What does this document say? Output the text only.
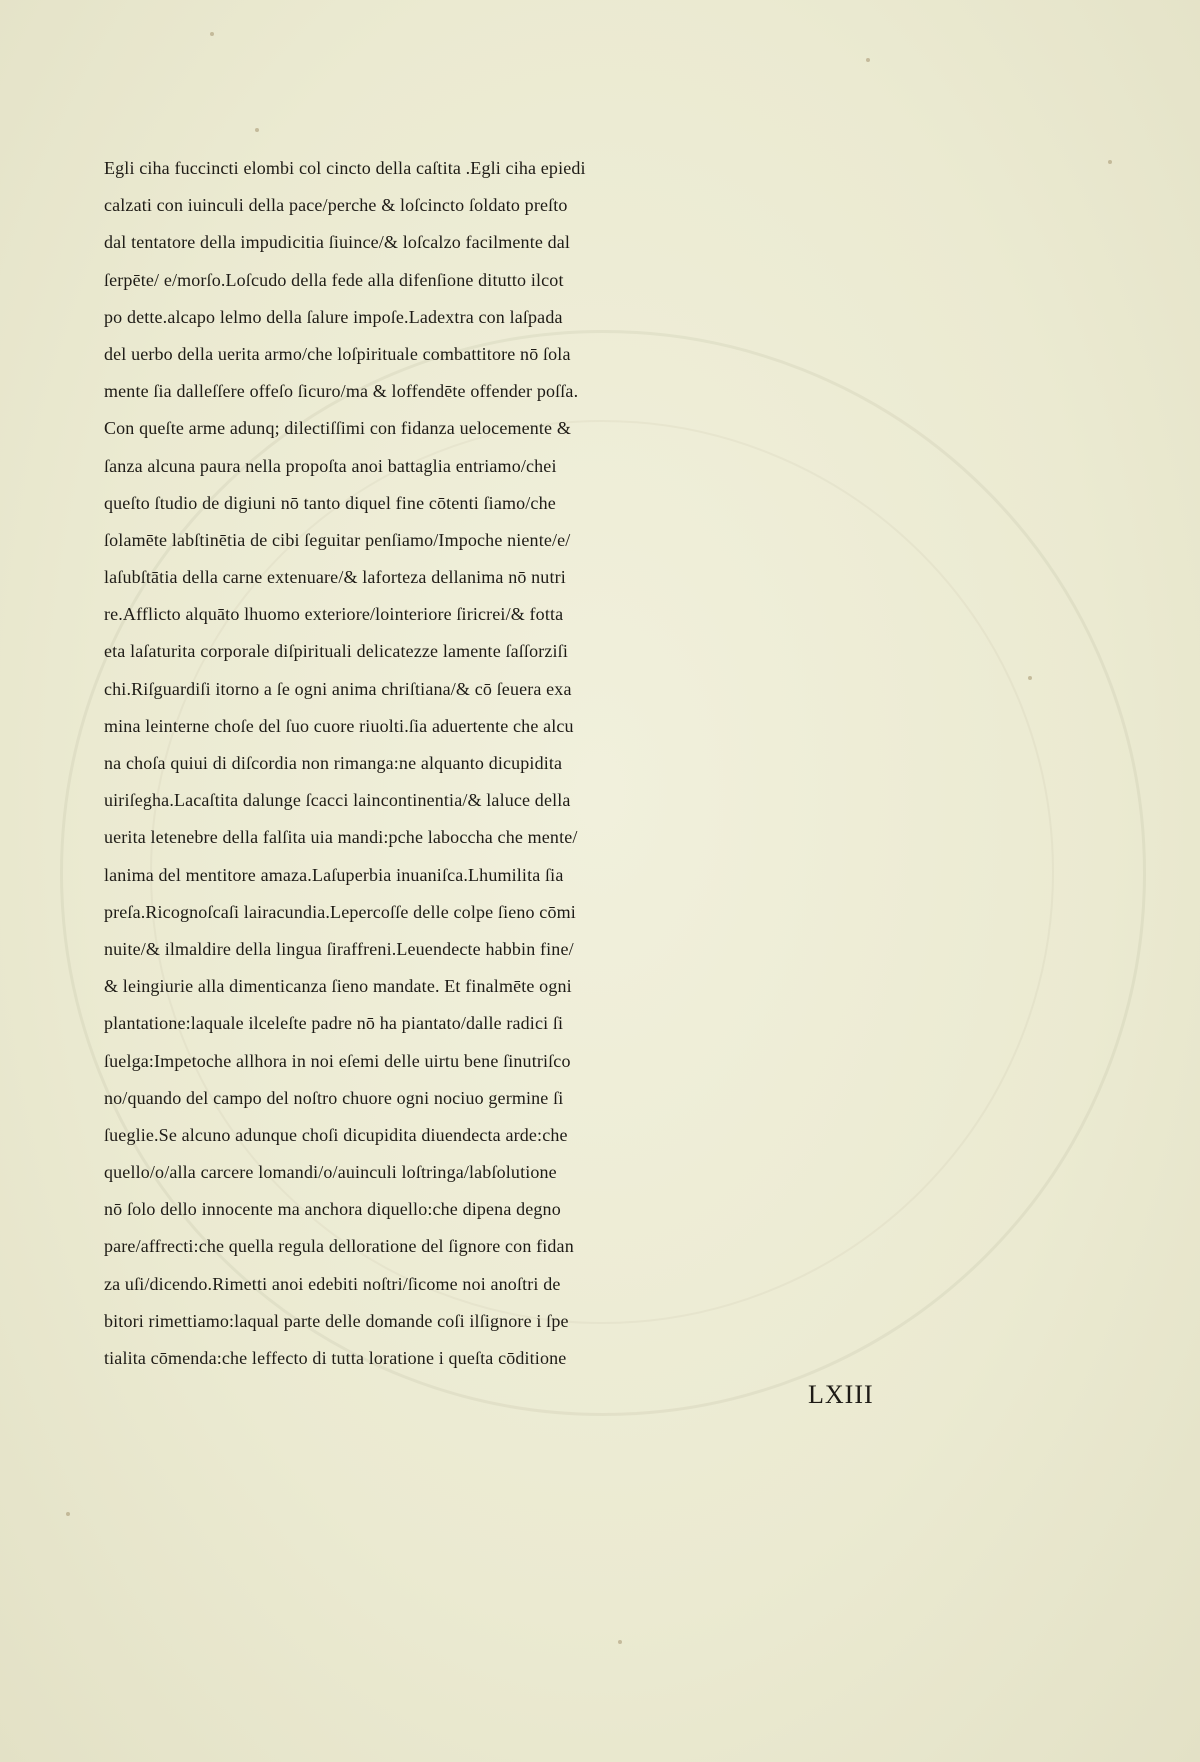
Egli ciha fuccincti elombi col cincto della caſtita .Egli ciha epiedi
calzati con iuinculi della pace/perche & loſcincto ſoldato preſto
dal tentatore della impudicitia ſiuince/& loſcalzo facilmente dal
ſerpēte/ e/morſo.Loſcudo della fede alla difenſione ditutto ilcot
po dette.alcapo lelmo della ſalure impoſe.Ladextra con laſpada
del uerbo della uerita armo/che loſpirituale combattitore nō ſola
mente ſia dalleſſere offeſo ſicuro/ma & loffendēte offender poſſa.
Con queſte arme adunq; dilectiſſimi con fidanza uelocemente &
ſanza alcuna paura nella propoſta anoi battaglia entriamo/chei
queſto ſtudio de digiuni nō tanto diquel fine cōtenti ſiamo/che
ſolamēte labſtinētia de cibi ſeguitar penſiamo/Impoche niente/e/
laſubſtātia della carne extenuare/& laforteza dellanima nō nutri
re.Afflicto alquāto lhuomo exteriore/lointeriore ſiricrei/& fotta
eta laſaturita corporale diſpirituali delicatezze lamente ſaſſorziſi
chi.Riſguardiſi itorno a ſe ogni anima chriſtiana/& cō ſeuera exa
mina leinterne choſe del ſuo cuore riuolti.ſia aduertente che alcu
na choſa quiui di diſcordia non rimanga:ne alquanto dicupidita
uiriſegha.Lacaſtita dalunge ſcacci laincontinentia/& laluce della
uerita letenebre della falſita uia mandi:pche laboccha che mente/
lanima del mentitore amaza.Laſuperbia inuaniſca.Lhumilita ſia
preſa.Ricognoſcaſi lairacundia.Lepercoſſe delle colpe ſieno cōmi
nuite/& ilmaldire della lingua ſiraffreni.Leuendecte habbin fine/
& leingiurie alla dimenticanza ſieno mandate. Et finalmēte ogni
plantatione:laquale ilceleſte padre nō ha piantato/dalle radici ſi
ſuelga:Impetoche allhora in noi eſemi delle uirtu bene ſinutriſco
no/quando del campo del noſtro chuore ogni nociuo germine ſi
ſueglie.Se alcuno adunque choſi dicupidita diuendecta arde:che
quello/o/alla carcere lomandi/o/auinculi loſtringa/labſolutione
nō ſolo dello innocente ma anchora diquello:che dipena degno
pare/affrecti:che quella regula delloratione del ſignore con fidan
za uſi/dicendo.Rimetti anoi edebiti noſtri/ſicome noi anoſtri de
bitori rimettiamo:laqual parte delle domande coſi ilſignore i ſpe
tialita cōmenda:che leffecto di tutta loratione i queſta cōditione
LXIII
